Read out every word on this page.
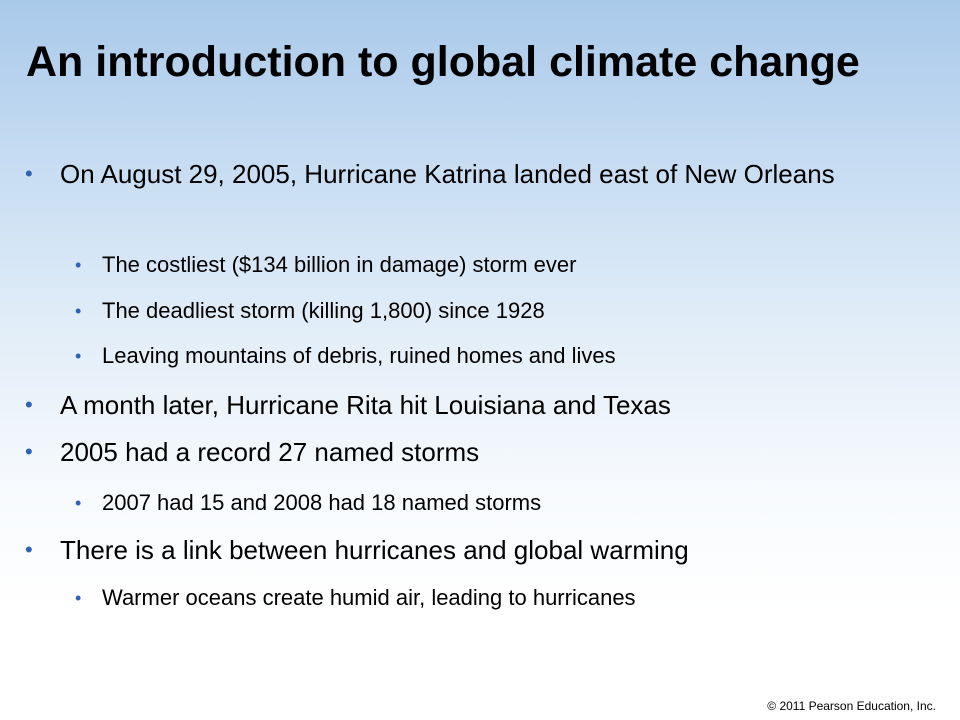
An introduction to global climate change
• On August 29, 2005, Hurricane Katrina landed east of New Orleans
• The costliest ($134 billion in damage) storm ever
• The deadliest storm (killing 1,800) since 1928
• Leaving mountains of debris, ruined homes and lives
• A month later, Hurricane Rita hit Louisiana and Texas
• 2005 had a record 27 named storms
• 2007 had 15 and 2008 had 18 named storms
• There is a link between hurricanes and global warming
• Warmer oceans create humid air, leading to hurricanes
© 2011 Pearson Education, Inc.
